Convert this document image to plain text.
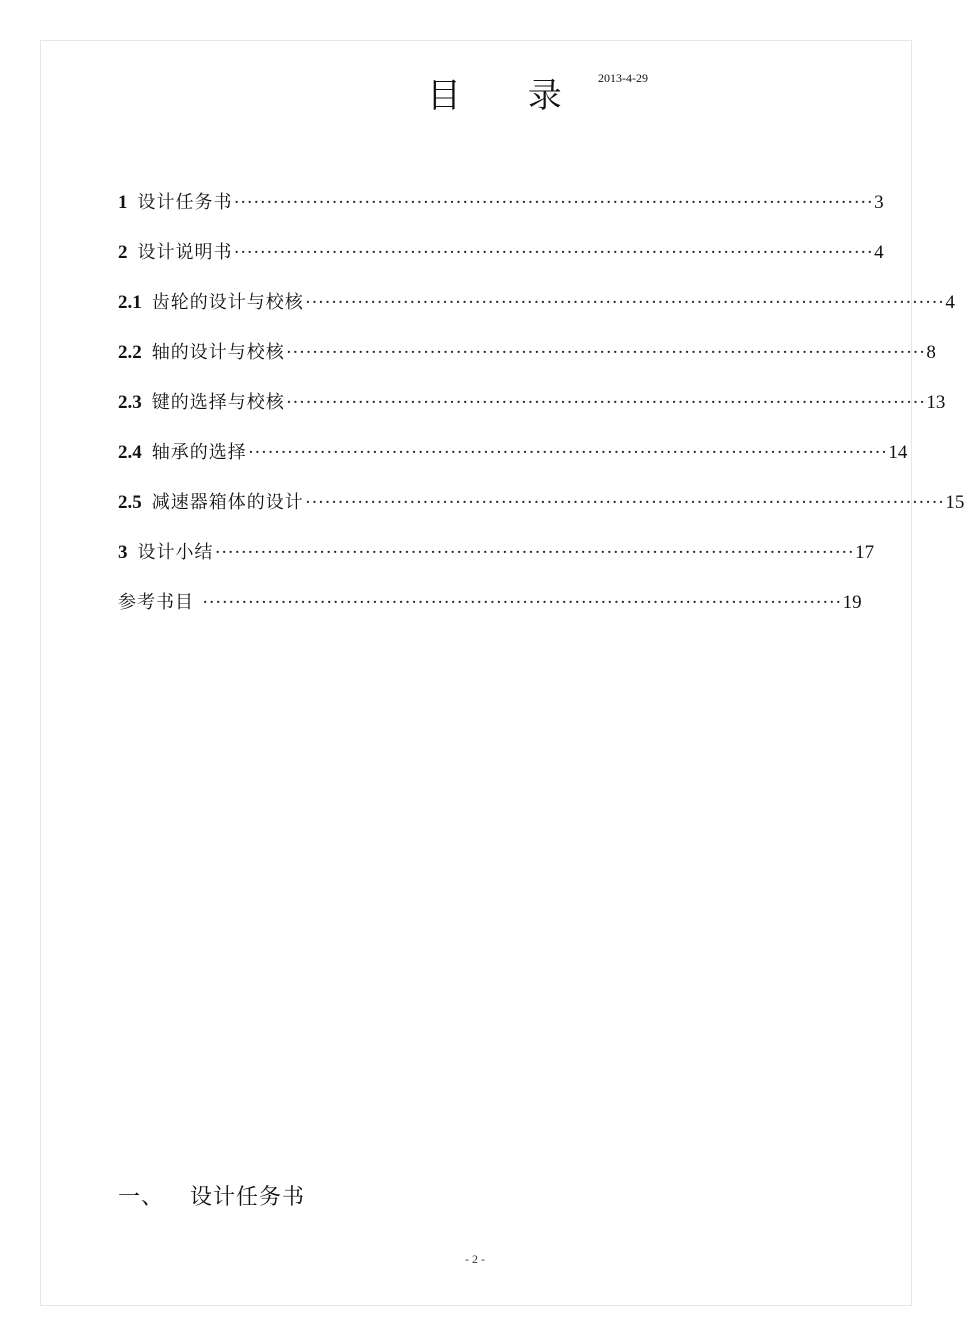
目 录 2013-4-29
1 设计任务书 ·································································································· 3
2 设计说明书 ·································································································· 4
2.1 齿轮的设计与校核 ·································································································· 4
2.2 轴的设计与校核 ·································································································· 8
2.3 键的选择与校核 ·································································································· 13
2.4 轴承的选择 ·································································································· 14
2.5 减速器箱体的设计 ·································································································· 15
3 设计小结 ·································································································· 17
参考书目 ·································································································· 19
一、 设计任务书
- 2 -
